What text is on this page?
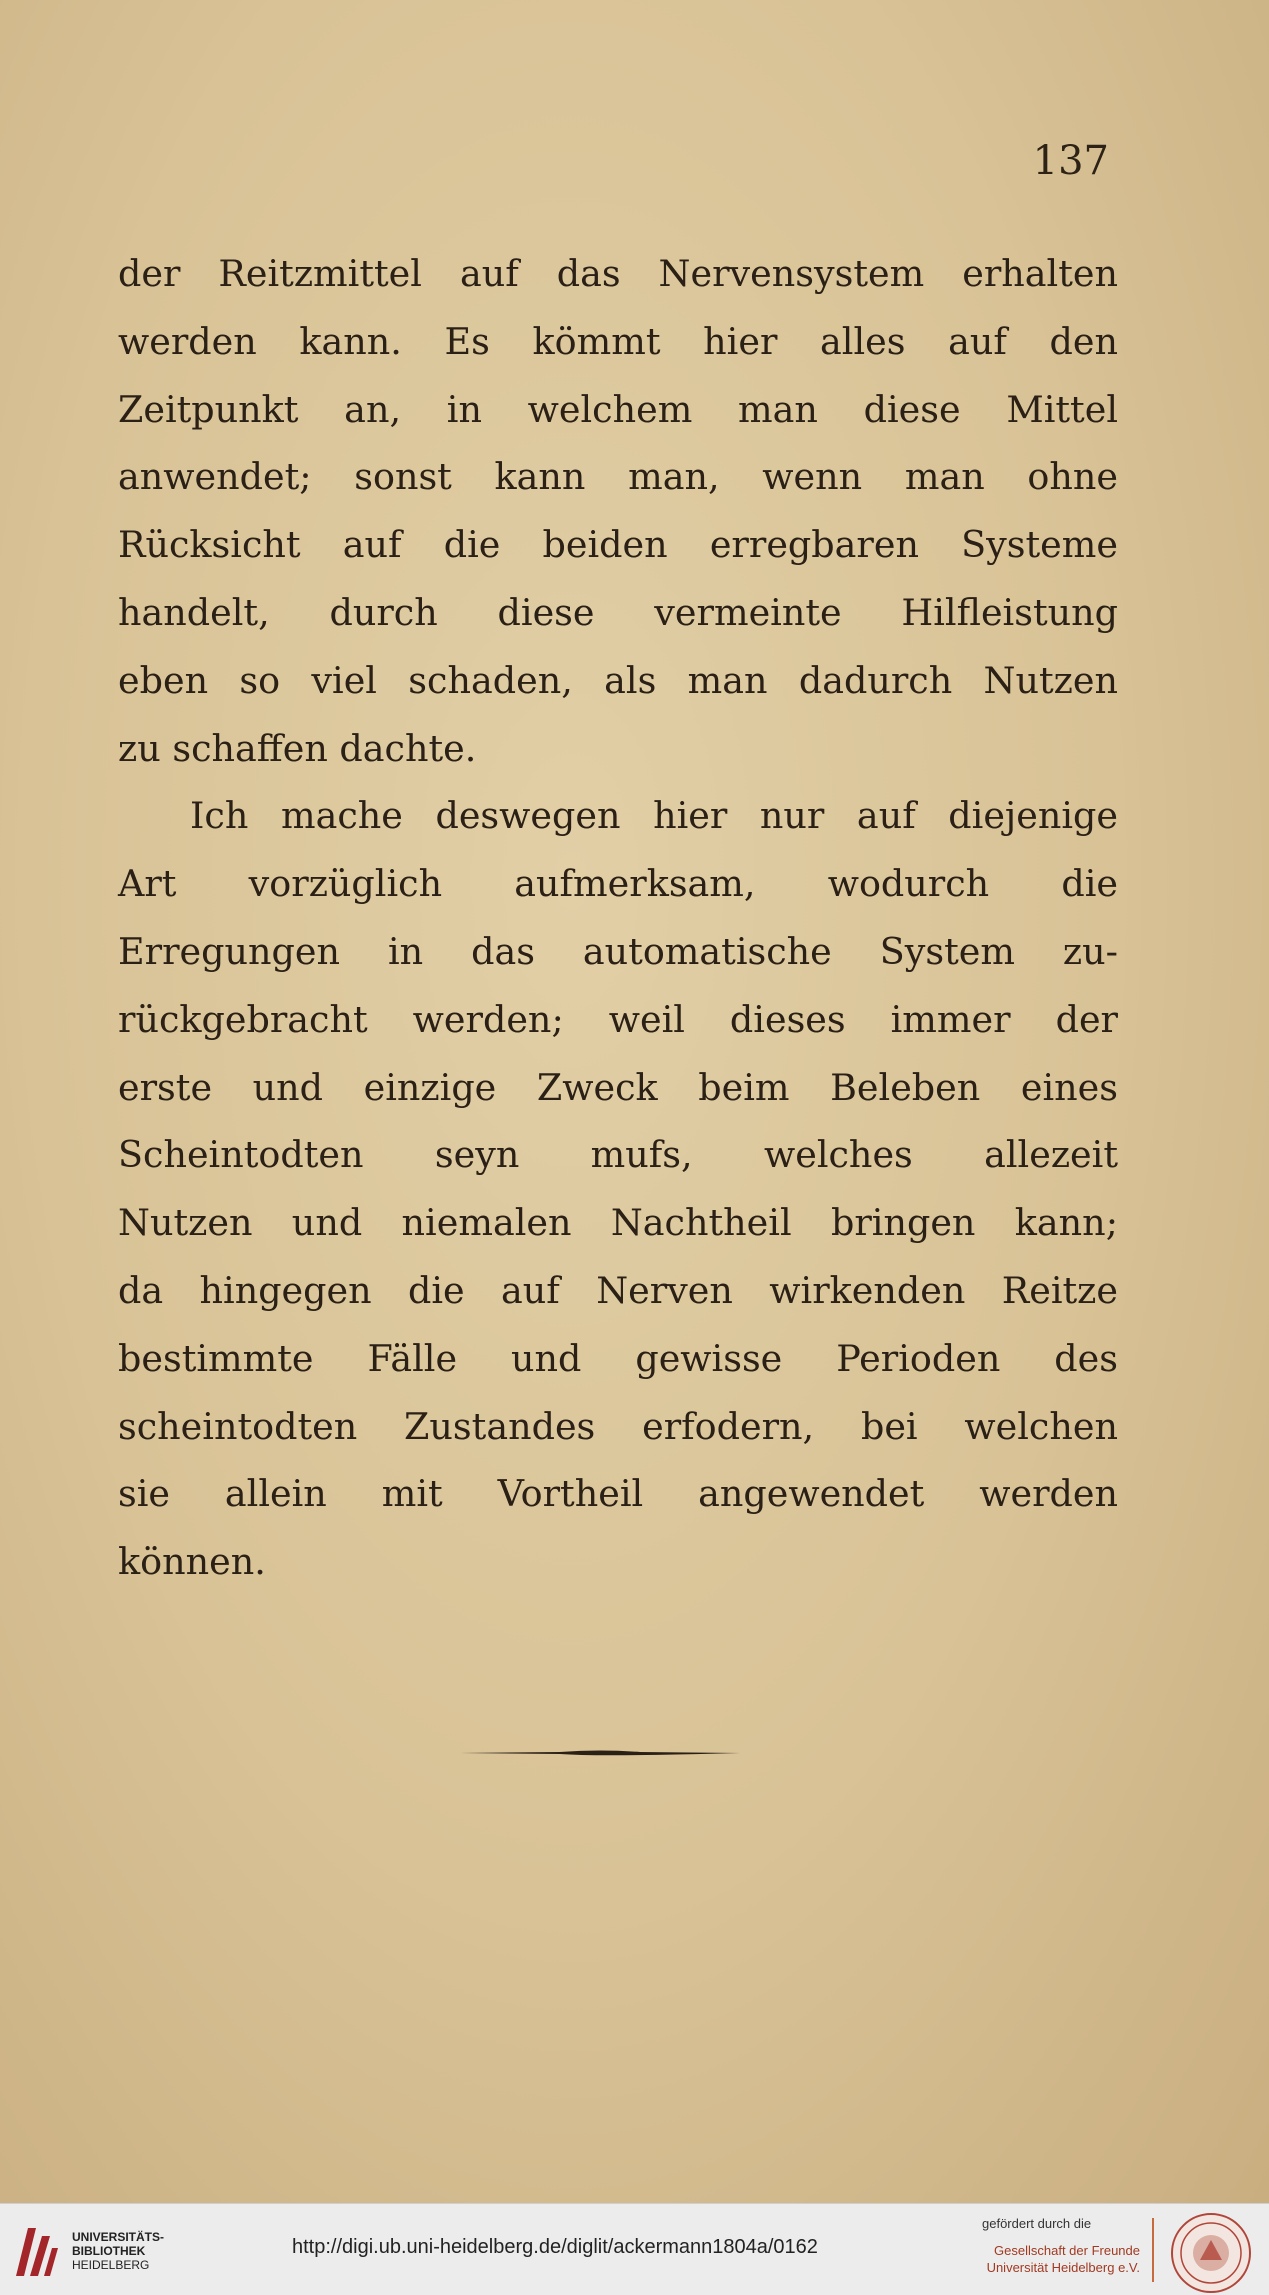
137
der Reitzmittel auf das Nervensystem erhalten
werden kann. Es kömmt hier alles auf den
Zeitpunkt an, in welchem man diese Mittel
anwendet; sonst kann man, wenn man ohne
Rücksicht auf die beiden erregbaren Systeme
handelt, durch diese vermeinte Hilfleistung
eben so viel schaden, als man dadurch Nutzen
zu schaffen dachte.
Ich mache deswegen hier nur auf diejenige
Art vorzüglich aufmerksam, wodurch die
Erregungen in das automatische System zu-
rückgebracht werden; weil dieses immer der
erste und einzige Zweck beim Beleben eines
Scheintodten seyn mufs, welches allezeit
Nutzen und niemalen Nachtheil bringen kann;
da hingegen die auf Nerven wirkenden Reitze
bestimmte Fälle und gewisse Perioden des
scheintodten Zustandes erfodern, bei welchen
sie allein mit Vortheil angewendet werden
können.
UNIVERSITÄTS-
BIBLIOTHEK
HEIDELBERG
http://digi.ub.uni-heidelberg.de/diglit/ackermann1804a/0162
gefördert durch die
Gesellschaft der Freunde
Universität Heidelberg e.V.
